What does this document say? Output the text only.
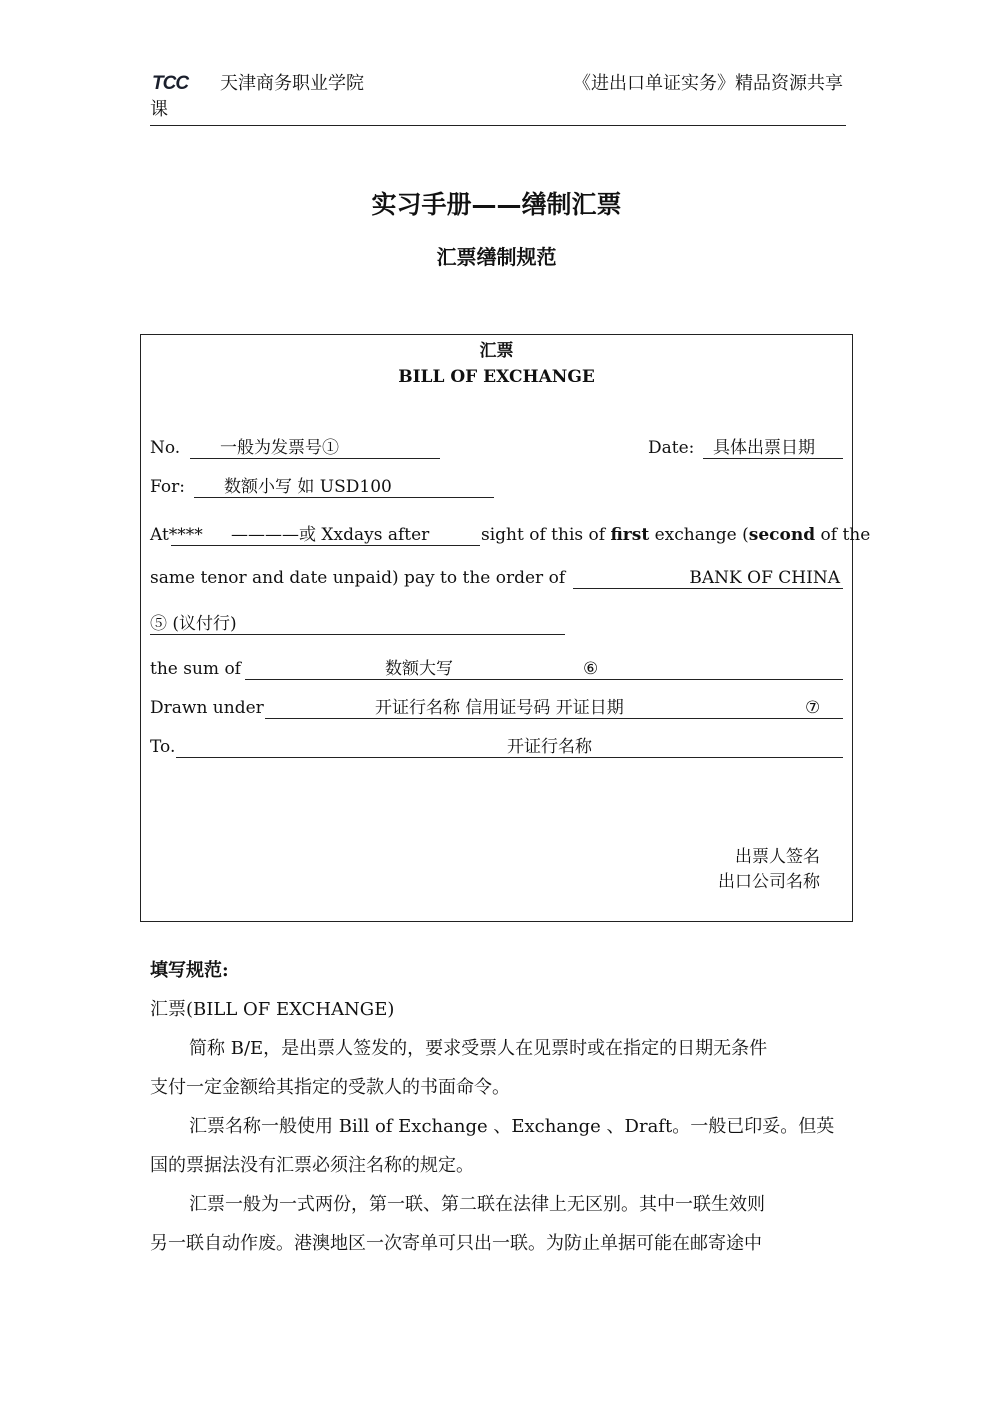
TCC	天津商务职业学院	《进出口单证实务》精品资源共享
课
实习手册——缮制汇票
汇票缮制规范
汇票
BILL OF EXCHANGE
No. 一般为发票号①	Date: 具体出票日期
For: 数额小写 如 USD100
At**** ————或 Xxdays after	sight of this of first exchange (second of the
same tenor and date unpaid) pay to the order of	BANK OF CHINA
⑤ (议付行)
the sum of	数额大写	⑥
Drawn under	开证行名称 信用证号码 开证日期	⑦
To.	开证行名称
出票人签名
出口公司名称
填写规范:
汇票(BILL OF EXCHANGE)
简称 B/E，是出票人签发的，要求受票人在见票时或在指定的日期无条件
支付一定金额给其指定的受款人的书面命令。
汇票名称一般使用 Bill of Exchange 、Exchange 、Draft。一般已印妥。但英
国的票据法没有汇票必须注名称的规定。
汇票一般为一式两份，第一联、第二联在法律上无区别。其中一联生效则
另一联自动作废。港澳地区一次寄单可只出一联。为防止单据可能在邮寄途中
